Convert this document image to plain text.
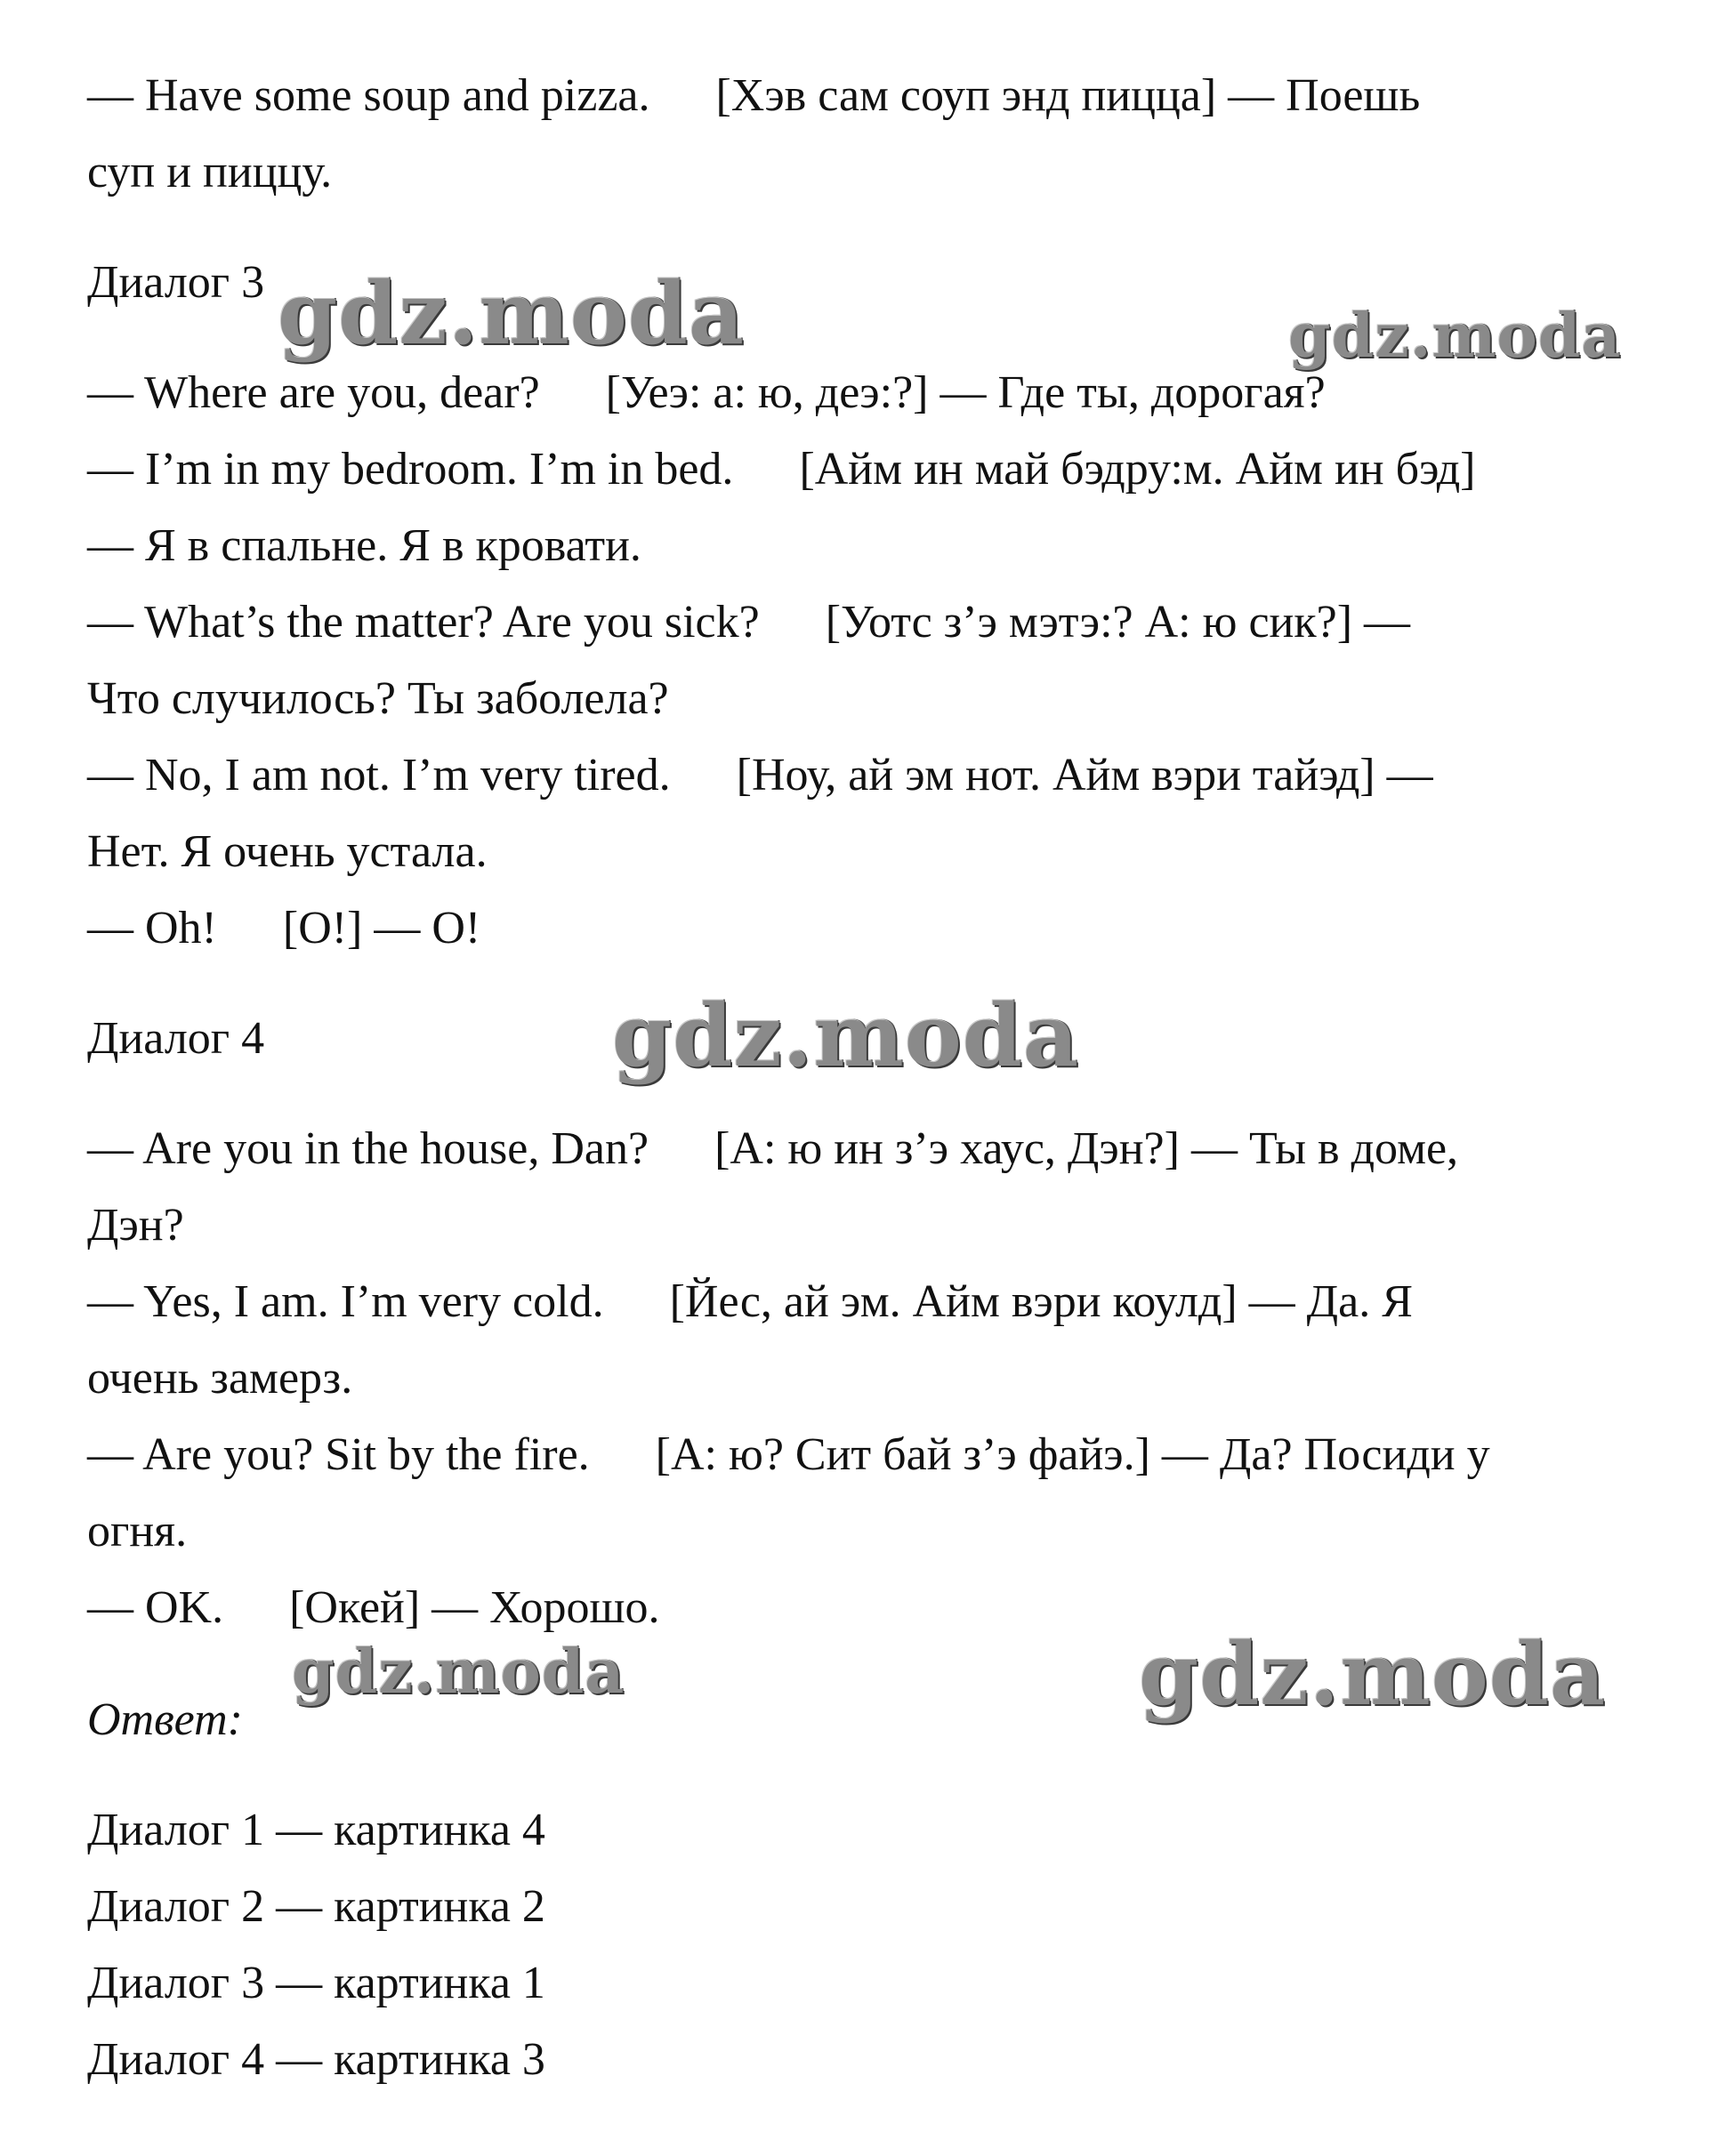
— Have some soup and pizza. [Хэв сам соуп энд пицца] — Поешь
суп и пиццу.
Диалог 3
— Where are you, dear? [Уеэ: а: ю, деэ:?] — Где ты, дорогая?
— I’m in my bedroom. I’m in bed. [Айм ин май бэдру:м. Айм ин бэд]
— Я в спальне. Я в кровати.
— What’s the matter? Are you sick? [Уотс з’э мэтэ:? А: ю сик?] —
Что случилось? Ты заболела?
— No, I am not. I’m very tired. [Ноу, ай эм нот. Айм вэри тайэд] —
Нет. Я очень устала.
— Oh! [О!] — О!
Диалог 4
— Are you in the house, Dan? [А: ю ин з’э хаус, Дэн?] — Ты в доме,
Дэн?
— Yes, I am. I’m very cold. [Йес, ай эм. Айм вэри коулд] — Да. Я
очень замерз.
— Are you? Sit by the fire. [А: ю? Сит бай з’э файэ.] — Да? Посиди у
огня.
— OK. [Окей] — Хорошо.
Ответ:
Диалог 1 — картинка 4
Диалог 2 — картинка 2
Диалог 3 — картинка 1
Диалог 4 — картинка 3
gdz.moda	gdz.moda
gdz.moda
gdz.moda	gdz.moda
